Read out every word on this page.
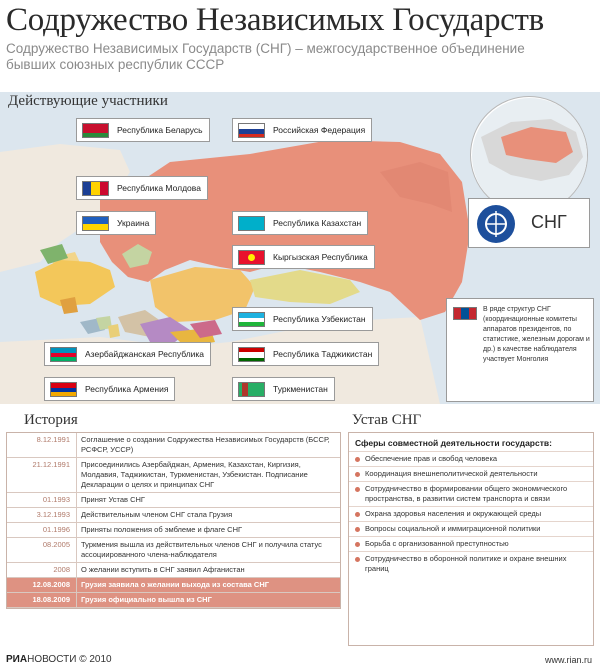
Содружество Независимых Государств
Содружество Независимых Государств (СНГ) – межгосударственное объединение бывших союзных республик СССР
Действующие участники
Республика Беларусь	Российская Федерация
Республика Молдова
Украина	Республика Казахстан
Кыргызская Республика
Республика Узбекистан
Азербайджанская Республика	Республика Таджикистан
Республика Армения	Туркменистан
СНГ
В ряде структур СНГ (координационные комитеты аппаратов президентов, по статистике, железным дорогам и др.) в качестве наблюдателя участвует Монголия
История
8.12.1991	Соглашение о создании Содружества Независимых Государств (БССР, РСФСР, УССР)
21.12.1991	Присоединились Азербайджан, Армения, Казахстан, Киргизия, Молдавия, Таджикистан, Туркменистан, Узбекистан. Подписание Декларации о целях и принципах СНГ
01.1993	Принят Устав СНГ
3.12.1993	Действительным членом СНГ стала Грузия
01.1996	Приняты положения об эмблеме и флаге СНГ
08.2005	Туркмения вышла из действительных членов СНГ и получила статус ассоциированного члена-наблюдателя
2008	О желании вступить в СНГ заявил Афганистан
12.08.2008	Грузия заявила о желании выхода из состава СНГ
18.08.2009	Грузия официально вышла из СНГ
Устав СНГ
Сферы совместной деятельности государств:
Обеспечение прав и свобод человека
Координация внешнеполитической деятельности
Сотрудничество в формировании общего экономического пространства, в развитии систем транспорта и связи
Охрана здоровья населения и окружающей среды
Вопросы социальной и иммиграционной политики
Борьба с организованной преступностью
Сотрудничество в оборонной политике и охране внешних границ
РИАНОВОСТИ © 2010	www.rian.ru
